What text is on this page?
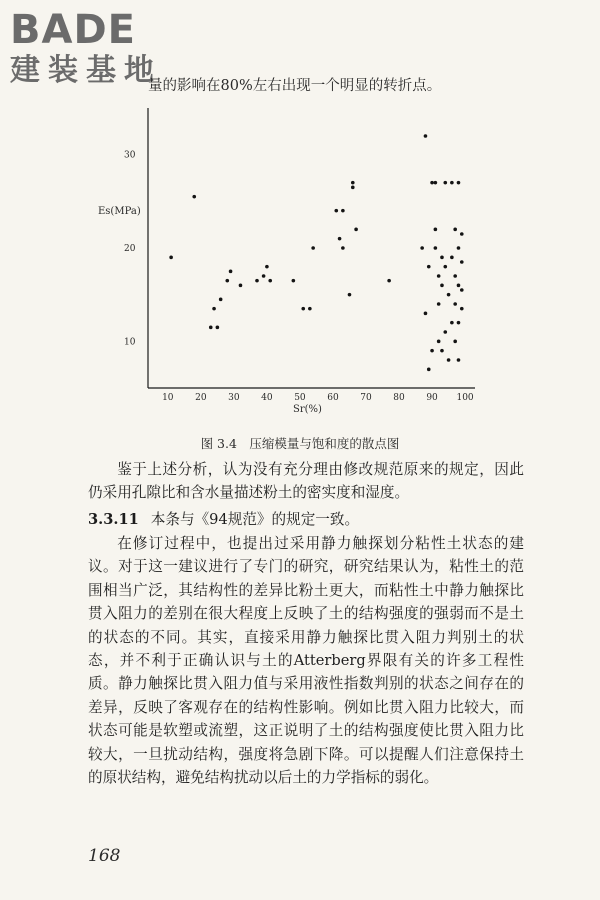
BADE
建装基地
量的影响在80%左右出现一个明显的转折点。
Es(MPa)
Sr(%)
10 20 30 40 50 60 70 80 90 100
10
20
30
图 3.4　压缩模量与饱和度的散点图
鉴于上述分析，认为没有充分理由修改规范原来的规定，因此仍采用孔隙比和含水量描述粉土的密实度和湿度。
3.3.11 本条与《94规范》的规定一致。
在修订过程中，也提出过采用静力触探划分粘性土状态的建议。对于这一建议进行了专门的研究，研究结果认为，粘性土的范围相当广泛，其结构性的差异比粉土更大，而粘性土中静力触探比贯入阻力的差别在很大程度上反映了土的结构强度的强弱而不是土的状态的不同。其实，直接采用静力触探比贯入阻力判别土的状态，并不利于正确认识与土的Atterberg界限有关的许多工程性质。静力触探比贯入阻力值与采用液性指数判别的状态之间存在的差异，反映了客观存在的结构性影响。例如比贯入阻力比较大，而状态可能是软塑或流塑，这正说明了土的结构强度使比贯入阻力比较大，一旦扰动结构，强度将急剧下降。可以提醒人们注意保持土的原状结构，避免结构扰动以后土的力学指标的弱化。
168
